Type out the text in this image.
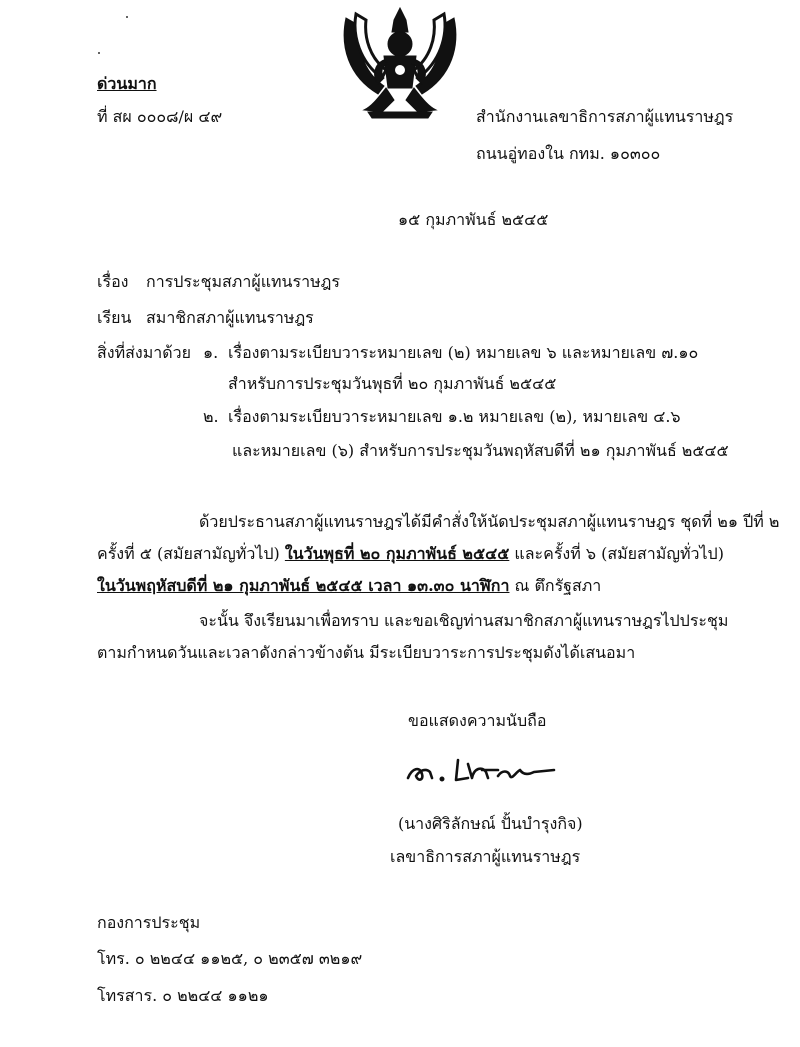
ด่วนมาก
ที่ สผ ๐๐๐๘/ผ ๔๙	สำนักงานเลขาธิการสภาผู้แทนราษฎร
ถนนอู่ทองใน กทม. ๑๐๓๐๐
๑๕ กุมภาพันธ์ ๒๕๔๕
เรื่อง การประชุมสภาผู้แทนราษฎร
เรียน สมาชิกสภาผู้แทนราษฎร
สิ่งที่ส่งมาด้วย ๑. เรื่องตามระเบียบวาระหมายเลข (๒) หมายเลข ๖ และหมายเลข ๗.๑๐
สำหรับการประชุมวันพุธที่ ๒๐ กุมภาพันธ์ ๒๕๔๕
๒. เรื่องตามระเบียบวาระหมายเลข ๑.๒ หมายเลข (๒), หมายเลข ๔.๖
และหมายเลข (๖) สำหรับการประชุมวันพฤหัสบดีที่ ๒๑ กุมภาพันธ์ ๒๕๔๕
ด้วยประธานสภาผู้แทนราษฎรได้มีคำสั่งให้นัดประชุมสภาผู้แทนราษฎร ชุดที่ ๒๑ ปีที่ ๒
ครั้งที่ ๕ (สมัยสามัญทั่วไป) ในวันพุธที่ ๒๐ กุมภาพันธ์ ๒๕๔๕ และครั้งที่ ๖ (สมัยสามัญทั่วไป)
ในวันพฤหัสบดีที่ ๒๑ กุมภาพันธ์ ๒๕๔๕ เวลา ๑๓.๓๐ นาฬิกา ณ ตึกรัฐสภา
จะนั้น จึงเรียนมาเพื่อทราบ และขอเชิญท่านสมาชิกสภาผู้แทนราษฎรไปประชุม
ตามกำหนดวันและเวลาดังกล่าวข้างต้น มีระเบียบวาระการประชุมดังได้เสนอมา
ขอแสดงความนับถือ
(นางศิริลักษณ์ ปั้นบำรุงกิจ)
เลขาธิการสภาผู้แทนราษฎร
กองการประชุม
โทร. ๐ ๒๒๔๔ ๑๑๒๕, ๐ ๒๓๕๗ ๓๒๑๙
โทรสาร. ๐ ๒๒๔๔ ๑๑๒๑
